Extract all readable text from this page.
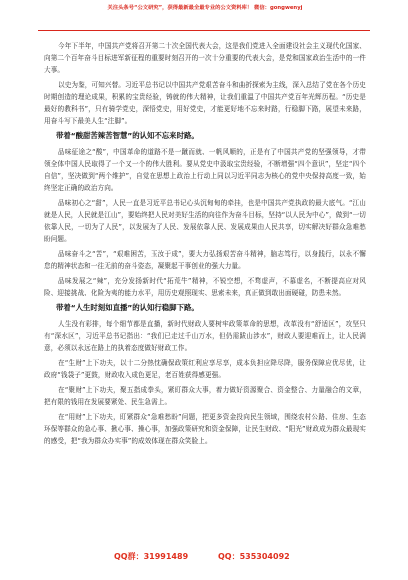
关注头条号“公文研究”，获得最新最全最专业的公文资料库！ 微信：gongwenyj

今年下半年，中国共产党将召开第二十次全国代表大会，这是我们党进入全面建设社会主义现代化国家、向第二个百年奋斗目标进军新征程的重要时刻召开的一次十分重要的代表大会，是党和国家政治生活中的一件大事。

以史为鉴，可知兴替。习近平总书记以中国共产党艰苦奋斗和曲折探索为主线，深入总结了党在各个历史时期创造的理论成果，积累的宝贵经验，铸就的伟大精神，让我们重温了中国共产党百年光辉历程。“历史是最好的教科书”，只有骑学党史，深悟党史，用好党史，才能更好地不忘来时路，行稳脚下路，展望未来路，用奋斗写下最美人生“注脚”。

带着“酸甜苦辣苦智慧”的认知不忘来时路。

品味征途之“酸”，中国革命的道路不是一蹴而就、一帆风顺的，正是有了中国共产党的坚强领导，才带领全体中国人民取得了一个又一个的伟大胜利。要从党史中汲取宝贵经验，不断增强“四个意识”，坚定“四个自信”，坚决做到“两个维护”，自觉在思想上政治上行动上同以习近平同志为核心的党中央保持高度一致，始终坚定正确的政治方向。

品味初心之“甜”，人民一直是习近平总书记心头沉甸甸的牵挂，也是中国共产党执政的最大底气。“江山就是人民，人民就是江山”，要始终把人民对美好生活的向往作为奋斗目标，坚持“以人民为中心”，做到“一切依靠人民，一切为了人民”，以发展为了人民、发展依靠人民、发展成果由人民共享，切实解决好群众急难愁盼问题。

品味奋斗之“苦”，“艰难困苦，玉汝于成”，要大力弘扬艰苦奋斗精神，脑志笃行，以身践行，以永不懈怠的精神状态和一往无前的奋斗姿态，凝聚起干事创业的强大力量。

品味发展之“辣”，充分发扬新时代“拓荒牛”精神，不锐空想，不骛虚声，不慕虚名，不断提高应对风险、迎接挑战、化险为夷的能力水平，用历史观照现实、思索未来，真正做到敢出面硬碰，防患未然。

带着“人生时刻如直播”的认知行稳脚下路。

人生没有彩排，每个细节都是直播，新时代财政人要树牢政策革命的思想，改革没有“舒适区”，攻坚只有“深水区”，习近平总书记指出：“我们已走过千山万水，但仍需跋山涉水”，财政人要迎难而上，让人民满意，必须以永远在路上的执着态度做好财政工作。

在“生财”上下功夫，以十二分热忱确保政策红利应享尽享，成本负担应降尽降，服务保障应优尽优，让政府“钱袋子”更鼓，财政收入成色更足，老百姓获得感更强。

在“聚财”上下功夫，聚五指成拳头，紧盯群众大事，着力做好资源聚合、资金整合、力量融合的文章，把有限的钱用在发展要紧处、民生急需上。

在“用财”上下功夫，盯紧群众“急难愁盼”问题，把更多资金投向民生领域，围绕农村公路、住房、生态环保等群众的急心事、揪心事、操心事，加强政策研究和资金保障，让民生财政、“阳光”财政成为群众最现实的感受，把“我为群众办实事”的成效体现在群众笑脸上。

QQ群：31991489	QQ：535304092
